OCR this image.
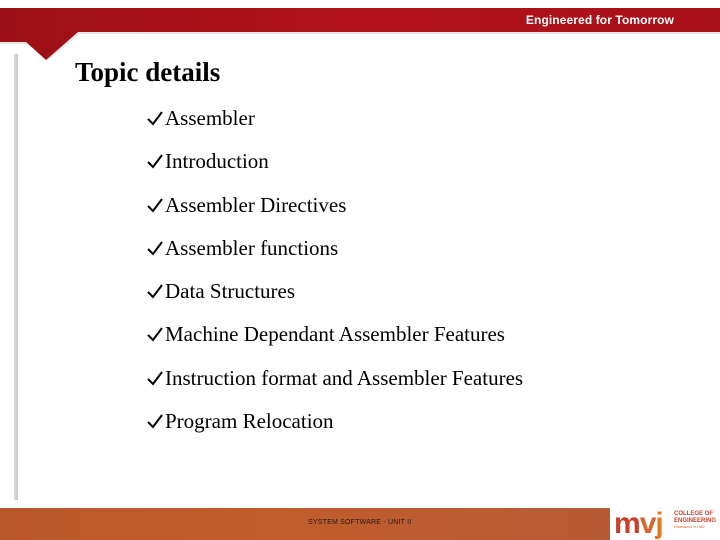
Engineered for Tomorrow
Topic details
Assembler
Introduction
Assembler Directives
Assembler functions
Data Structures
Machine Dependant Assembler Features
Instruction format and Assembler Features
Program Relocation
SYSTEM SOFTWARE - UNIT II	mvj COLLEGE OF
ENGINEERING
Established in 1982
